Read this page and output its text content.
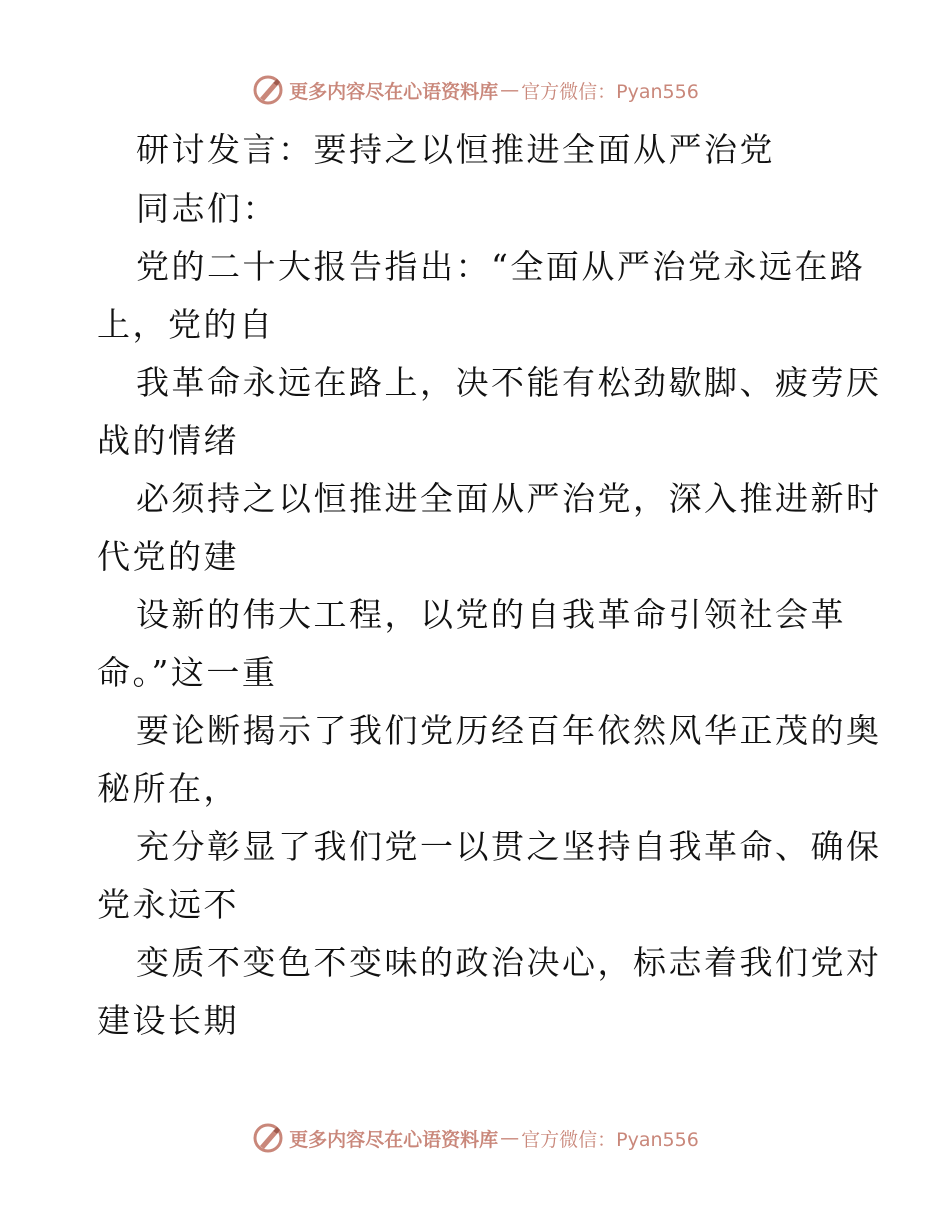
更多内容尽在心语资料库 — 官方微信：Pyan556
研讨发言：要持之以恒推进全面从严治党
同志们：
党的二十大报告指出：“全面从严治党永远在路
上，党的自
我革命永远在路上，决不能有松劲歇脚、疲劳厌
战的情绪
必须持之以恒推进全面从严治党，深入推进新时
代党的建
设新的伟大工程，以党的自我革命引领社会革
命。”这一重
要论断揭示了我们党历经百年依然风华正茂的奥
秘所在，
充分彰显了我们党一以贯之坚持自我革命、确保
党永远不
变质不变色不变味的政治决心，标志着我们党对
建设长期
更多内容尽在心语资料库 — 官方微信：Pyan556
